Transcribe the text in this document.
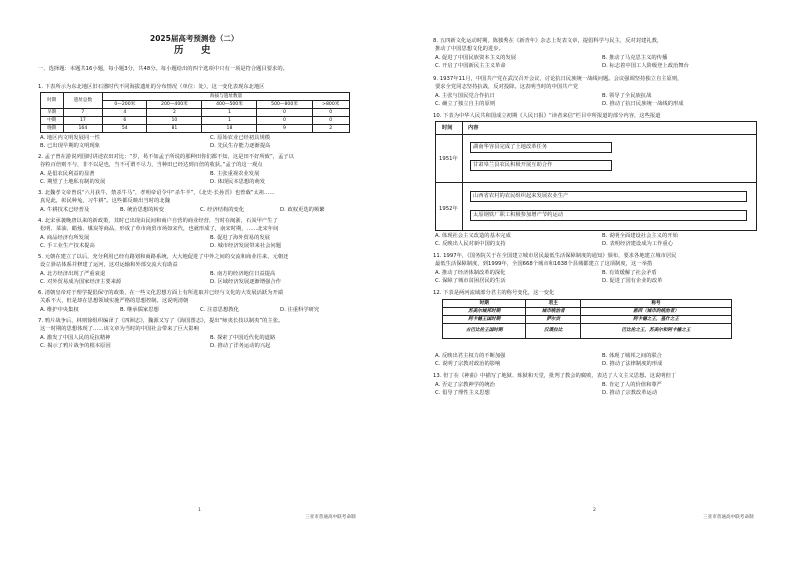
2025届高考预测卷（二）
历　史
一、选择题：本题共16小题，每小题3分，共48分。每小题给出的四个选项中只有一项是符合题目要求的。
1. 下表所示为东北地区旧石器时代不同海拔遗址的分布情况（单位：处），这一变化表现东北地区
时期	遗址总数	海拔与遗址数量				
		0—200米	200—400米	400—500米	500—800米	>800米
早期	7	4	2	1	0	0
中期	17	6	10	1	0	0
晚期	164	54	81	18	9	2
A. 地区内文明发展同一性	C. 原始农业已经初具规模
B. 已出现早期的文明现象	D. 先民生存能力逐渐提高
2. 孟子曾在游说列国时讲述农田对比：“岁，曷不如孟子所说的那种田你们都不知，这是田不好所致”，孟子以
谷粒百倍则不与，非不以是也，当不可谓不尽力，当种田已经达到百倍的收获。”孟子的这一观点
A. 是倡农民利益的显著	B. 主张重视农业发展
C. 期望了土地私有制的发展	D. 体现民本思想的萌发
3. 北魏孝文帝曾说“六月获牛，禁杀牛马”，孝明帝诏令中“杀牛羊”，《北史·长孙晋》也曾载“太祖……
真见此，彰民种兔，习牛耕”。这些都反映出当时的北魏
A. 牛耕技术已经普及	B. 统治思想的转变	C. 经济结构的变化	D. 政权更迭的频繁
4. 北宋承袭晚唐以来的新政策，其时已出现由民间和商户自营的商业经营，当时在闽浙，石炭甲产生了
松明、菜油、蜡烛、煤炭等商品，形成了草市商贸市场如宋代，也就形成了，南宋时期，……北宋年间
A. 商品经济有所发展	B. 促进了海外贸易的发展
C. 手工业生产技术提高	D. 城市经济发展带来社会问题
5. 元朝在建立了以后，充分利用已经有路划和商路系统，大大地促进了中外之间的交流和商业往来，元朝还
设立驿站体系并修建了运河，这对运输和外部交流大有助益
A. 北方经济出现了严重衰退	B. 南方的经济地位日益提高
C. 对外贸易成为国家经济主要来源	D. 区域经济发展逐渐增强合作
6. 清朝皇帝对于理学提倡保守的政策，在一些文化思想方面上有所进取并已经与文化的大发展活跃为开端
关系不大，但是却在思想领域实施严格的思想控制。这说明清朝
A. 维护中央集权	B. 继承儒家思想	C. 注意思想教化	D. 注重科学研究
7. 鸦片战争后，林则徐组织编译了《四洲志》，魏源又写了《海国图志》，提出“师夷长技以制夷”的主张。
这一时期的思想体现了……该文章为当时的中国社会带来了巨大影响
A. 激发了中国人民的反抗精神	B. 探索了中国近代化的道路
C. 揭示了鸦片战争的根本原因	D. 推动了洋务运动的兴起
1
三亚市普通高中联考命制
8. 五四新文化运动时期，陈独秀在《新青年》杂志上发表文章，提倡科学与民主，反对封建礼教，
推动了中国思想文化的进步。
A. 促进了中国民族资本主义的发展	B. 推动了马克思主义的传播
C. 开启了中国新民主主义革命	D. 标志着中国工人阶级登上政治舞台
9. 1937年11月，中国共产党在武汉召开会议，讨论抗日民族统一战线问题。会议强调坚持独立自主原则，
要求全党同志坚持抗战，反对投降。这表明当时的中国共产党
A. 主张与国民党合作抗日	B. 领导了全民族抗战
C. 确立了独立自主的原则	D. 推动了抗日民族统一战线的形成
10. 下表为中华人民共和国成立初期《人民日报》“读者来信”栏目中所报道的部分内容，这些报道
时间	内容
1951年
湖南华容县完成了土地改革任务
甘肃皋兰县农民积极开展互助合作
1952年
山西省农村的农民组织起来发展农业生产
太原钢铁厂职工积极参加增产节约运动
A. 体现社会主义改造的基本完成	B. 说明全面建设社会主义的开始
C. 反映出人民对新中国的支持	D. 表明经济建设成为工作重心
11. 1997年，《国务院关于在全国建立城市居民最低生活保障制度的通知》颁布，要求各地建立城市居民
最低生活保障制度，到1999年，全国668个城市和1638个县城都建立了这项制度，这一举措
A. 推动了经济体制改革的深化	B. 有效缓解了社会矛盾
C. 保障了城市贫困居民的生活	D. 促进了国有企业的改革
12. 下表是两河流域部分君主的称号变化，这一变化
时期	君主	称号
苏美尔城邦时期	城市统治者	恩西（城市的统治者）
阿卡德王国时期	萨尔贡	阿卡德之王，基什之王
古巴比伦王国时期	汉谟拉比	巴比伦之王，苏美尔和阿卡德之王
A. 反映出君主权力的不断加强	B. 体现了城邦之间的联合
C. 说明了宗教对政治的影响	D. 推动了法律制度的形成
13. 但丁在《神曲》中描写了地狱、炼狱和天堂，批判了教会的腐败，表达了人文主义思想。这说明但丁
A. 否定了宗教神学的统治	B. 肯定了人的价值和尊严
C. 倡导了理性主义思想	D. 推动了宗教改革运动
2
三亚市普通高中联考命制
